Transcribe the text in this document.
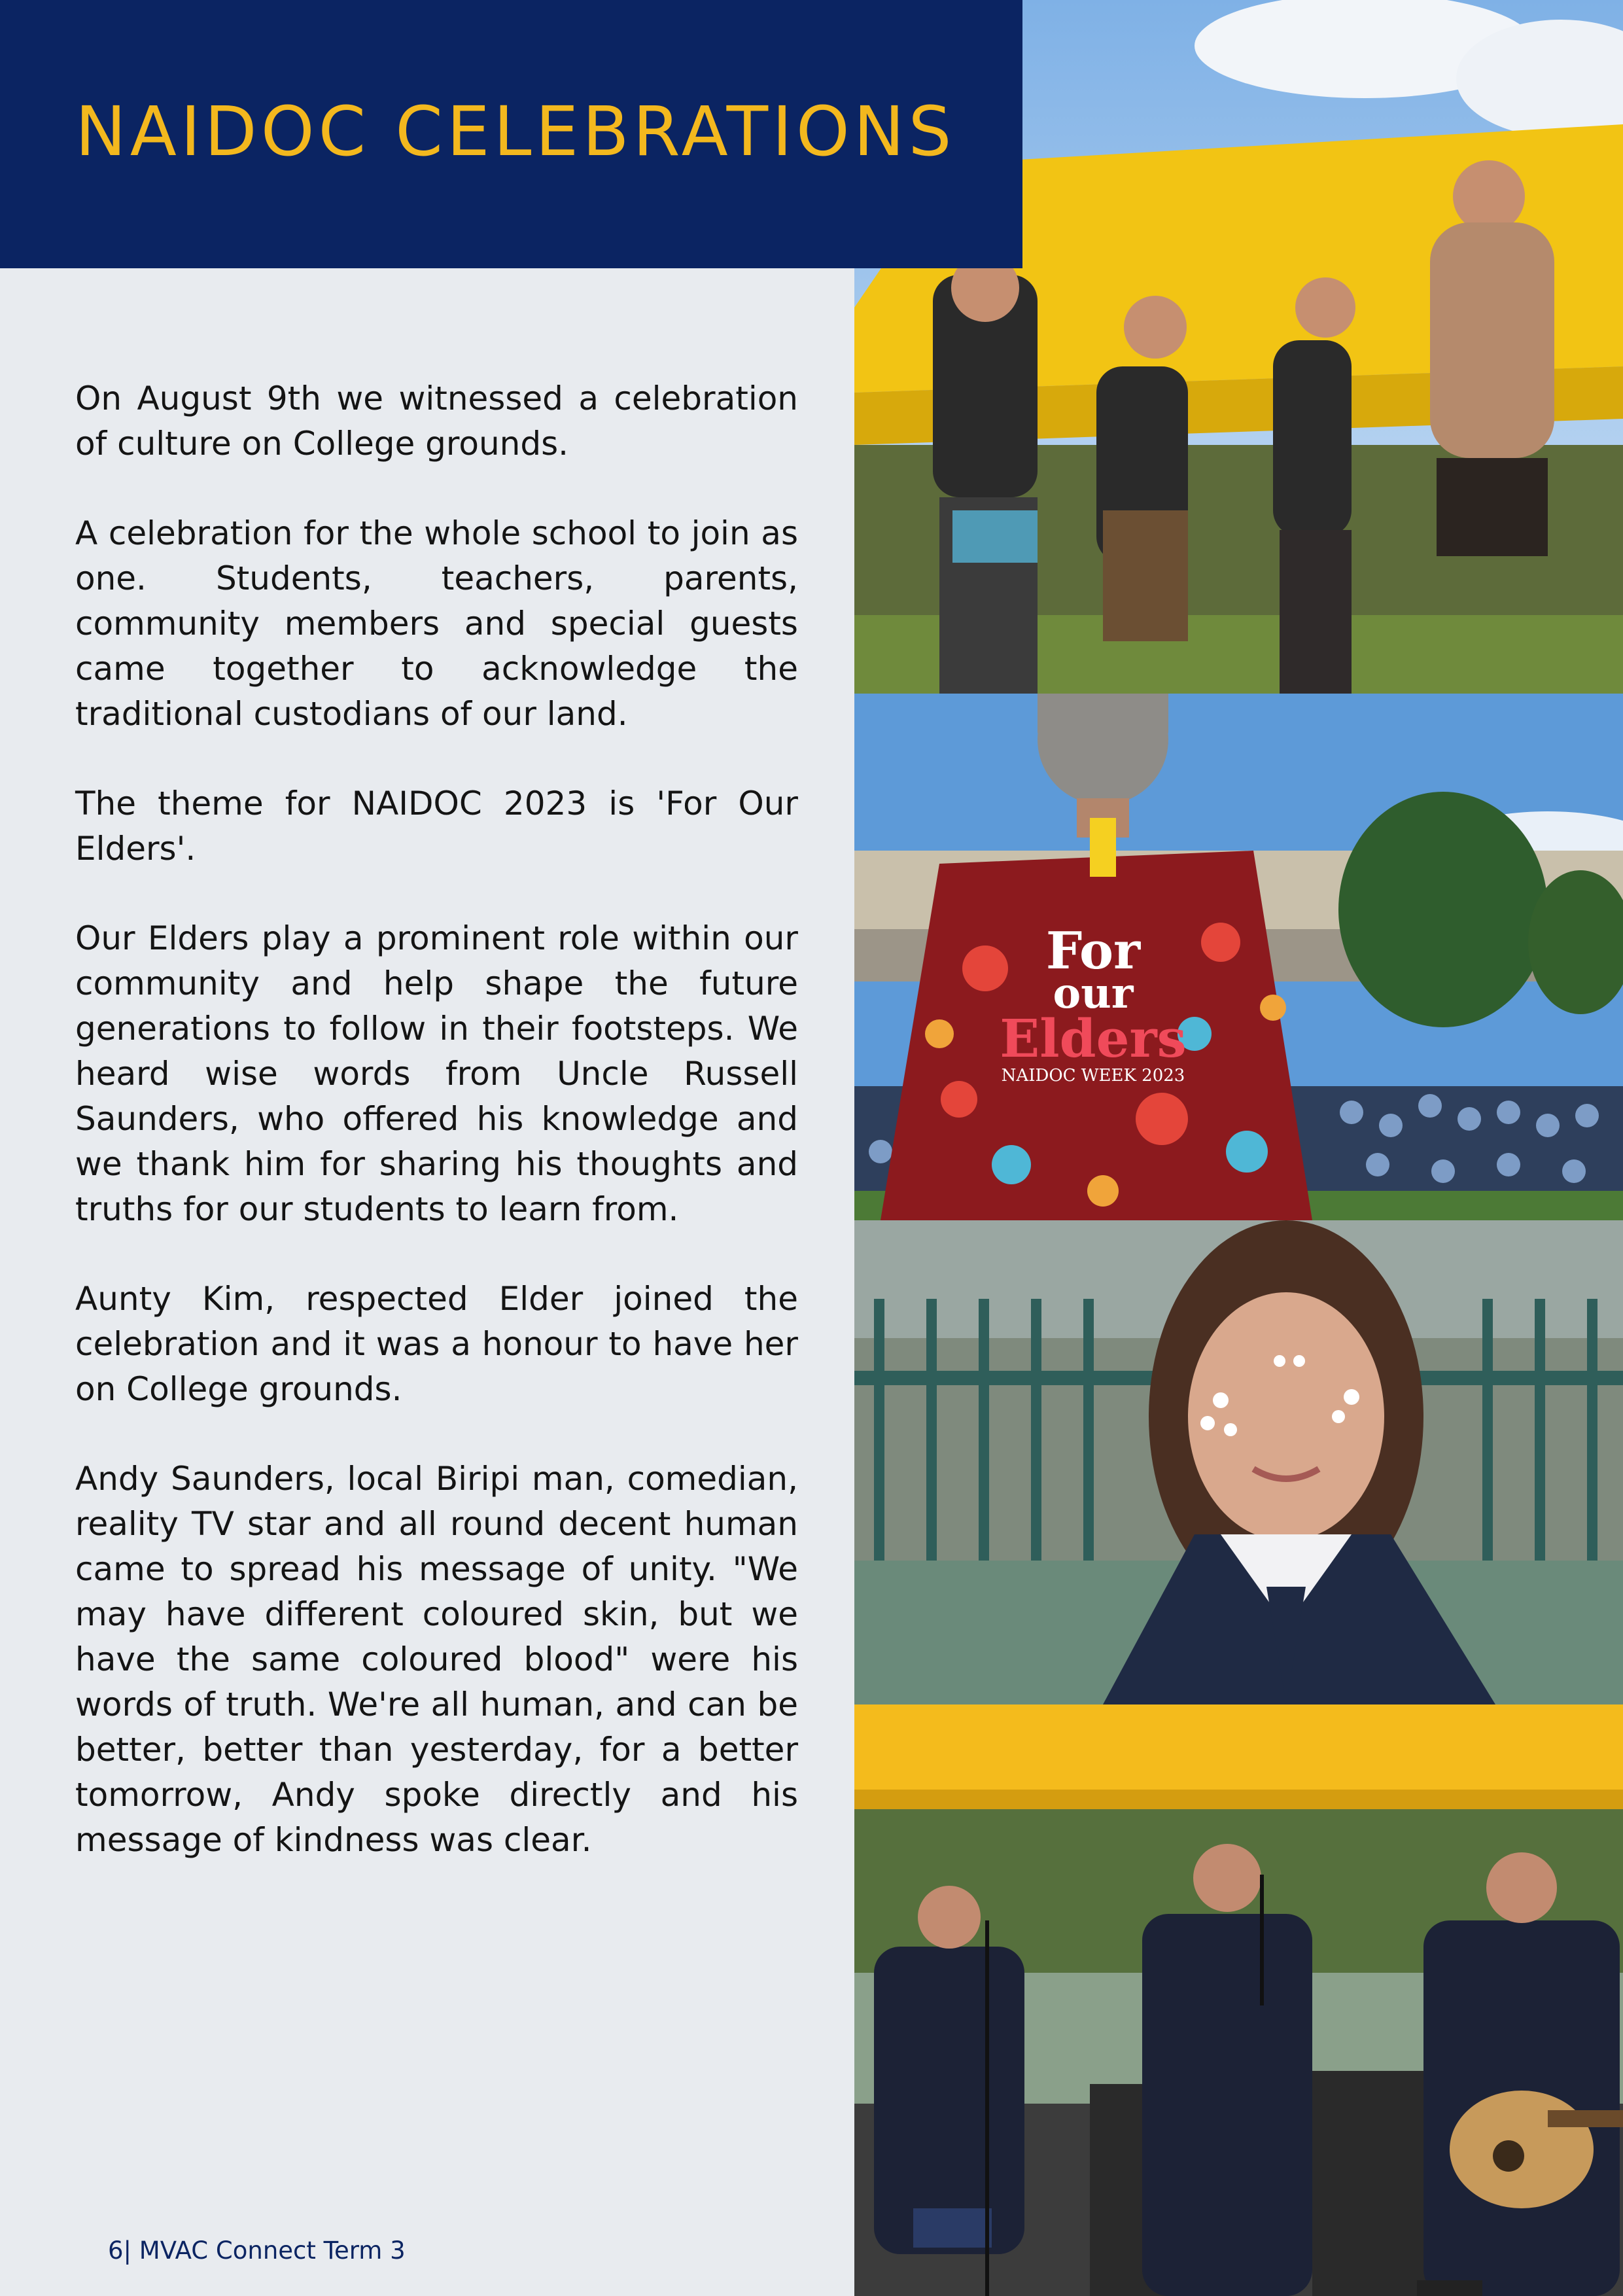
NAIDOC CELEBRATIONS

On August 9th we witnessed a celebration of culture on College grounds.

A celebration for the whole school to join as one. Students, teachers, parents, community members and special guests came together to acknowledge the traditional custodians of our land.

The theme for NAIDOC 2023 is 'For Our Elders'.

Our Elders play a prominent role within our community and help shape the future generations to follow in their footsteps. We heard wise words from Uncle Russell Saunders, who offered his knowledge and we thank him for sharing his thoughts and truths for our students to learn from.

Aunty Kim, respected Elder joined the celebration and it was a honour to have her on College grounds.

Andy Saunders, local Biripi man, comedian, reality TV star and all round decent human came to spread his message of unity. "We may have different coloured skin, but we have the same coloured blood" were his words of truth. We're all human, and can be better, better than yesterday, for a better tomorrow, Andy spoke directly and his message of kindness was clear.

For
our
Elders
NAIDOC WEEK 2023
6| MVAC Connect Term 3
